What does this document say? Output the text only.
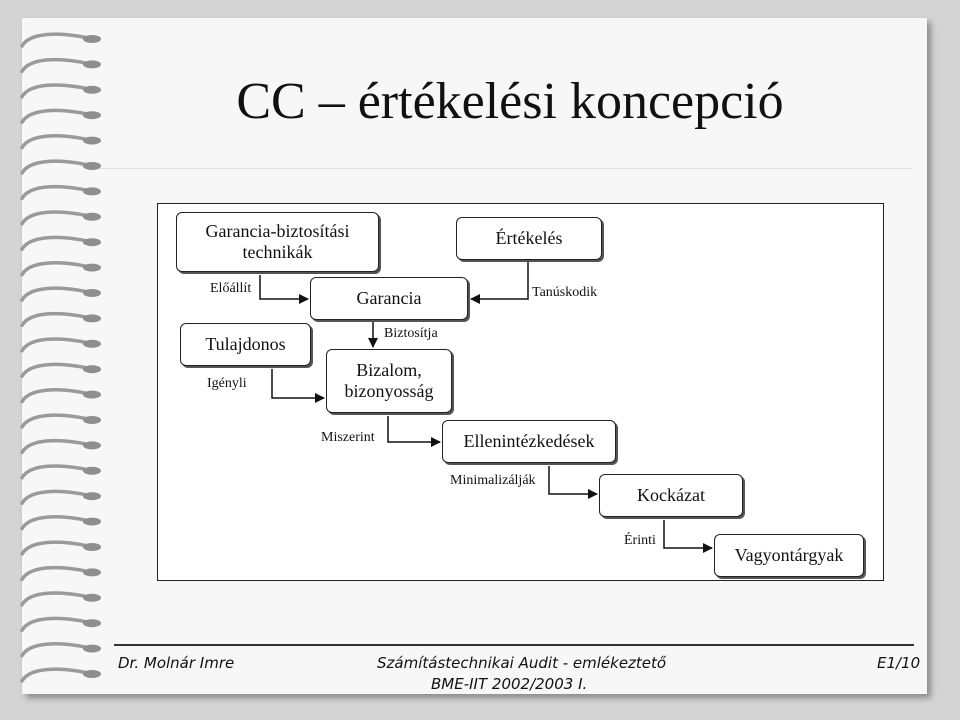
CC – értékelési koncepció
Garancia-biztosítási technikák
Értékelés
Garancia
Tulajdonos
Bizalom, bizonyosság
Ellenintézkedések
Kockázat
Vagyontárgyak
Előállít	Tanúskodik
Biztosítja
Igényli
Miszerint
Minimalizálják
Érinti
Dr. Molnár Imre	Számítástechnikai Audit - emlékeztető
BME-IIT 2002/2003 I.
E1/10
